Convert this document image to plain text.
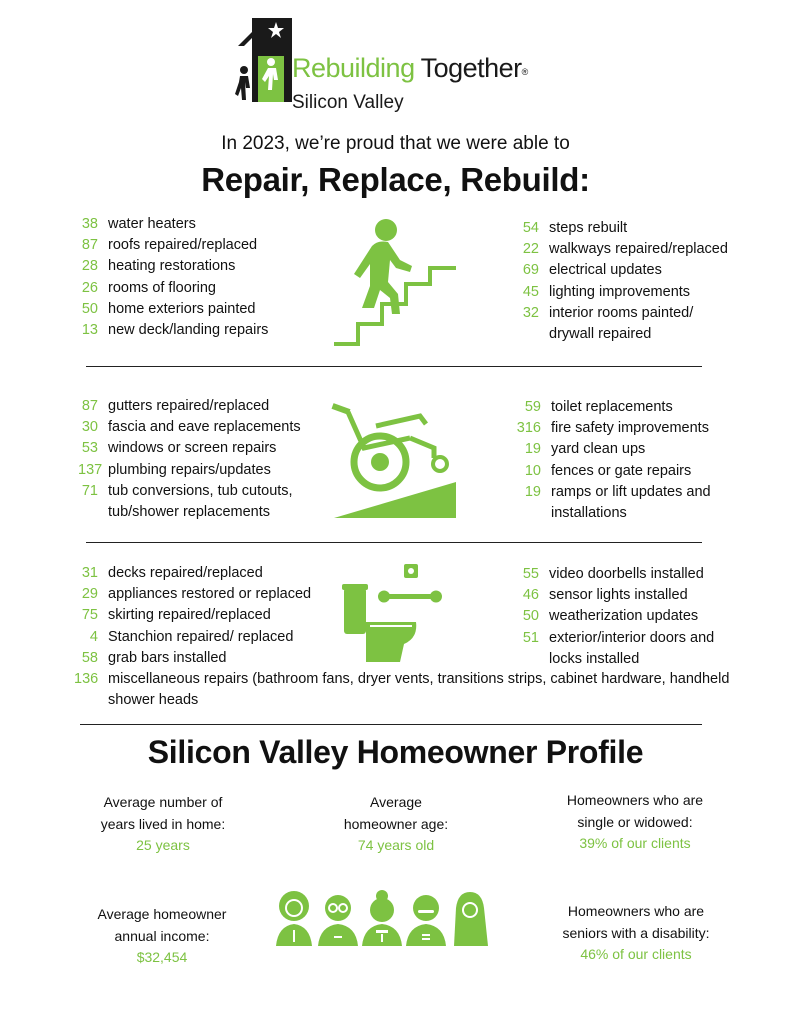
Rebuilding Together®
Silicon Valley
In 2023, we’re proud that we were able to
Repair, Replace, Rebuild:
38 water heaters
87 roofs repaired/replaced
28 heating restorations
26 rooms of flooring
50 home exteriors painted
13 new deck/landing repairs
54 steps rebuilt
22 walkways repaired/replaced
69 electrical updates
45 lighting improvements
32 interior rooms painted/
drywall repaired
87 gutters repaired/replaced
30 fascia and eave replacements
53 windows or screen repairs
137 plumbing repairs/updates
71 tub conversions, tub cutouts,
tub/shower replacements
59 toilet replacements
316 fire safety improvements
19 yard clean ups
10 fences or gate repairs
19 ramps or lift updates and
installations
31 decks repaired/replaced
29 appliances restored or replaced
75 skirting repaired/replaced
4 Stanchion repaired/ replaced
58 grab bars installed
136 miscellaneous repairs (bathroom fans, dryer vents, transitions strips, cabinet hardware, handheld
shower heads
55 video doorbells installed
46 sensor lights installed
50 weatherization updates
51 exterior/interior doors and
locks installed
Silicon Valley Homeowner Profile
Average number of
years lived in home:
25 years
Average
homeowner age:
74 years old
Homeowners who are
single or widowed:
39% of our clients
Average homeowner
annual income:
$32,454
Homeowners who are
seniors with a disability:
46% of our clients
